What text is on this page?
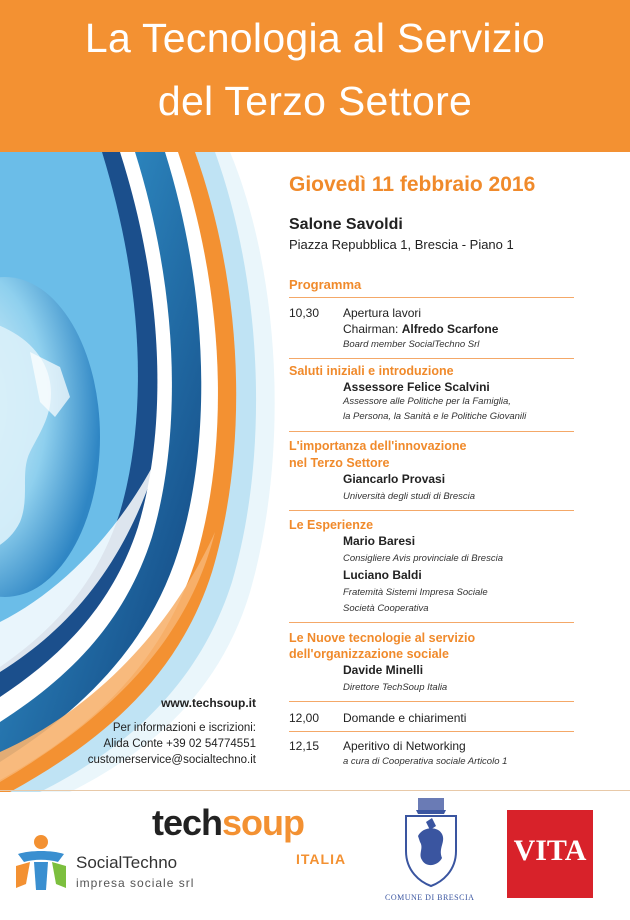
La Tecnologia al Servizio
del Terzo Settore
Giovedì 11 febbraio 2016
Salone Savoldi
Piazza Repubblica 1, Brescia - Piano 1
Programma
10,30 Apertura lavori
Chairman: Alfredo Scarfone
Board member SocialTechno Srl
Saluti iniziali e introduzione
Assessore Felice Scalvini
Assessore alle Politiche per la Famiglia,
la Persona, la Sanità e le Politiche Giovanili
L'importanza dell'innovazione
nel Terzo Settore
Giancarlo Provasi
Università degli studi di Brescia
Le Esperienze
Mario Baresi
Consigliere Avis provinciale di Brescia
Luciano Baldi
Fratemità Sistemi Impresa Sociale
Società Cooperativa
Le Nuove tecnologie al servizio
dell'organizzazione sociale
Davide Minelli
Direttore TechSoup Italia
12,00 Domande e chiarimenti
12,15 Aperitivo di Networking
a cura di Cooperativa sociale Articolo 1
www.techsoup.it
Per informazioni e iscrizioni:
Alida Conte +39 02 54774551
customerservice@socialtechno.it
SocialTechno
impresa sociale srl
techsoup
ITALIA
COMUNE DI BRESCIA
VITA
